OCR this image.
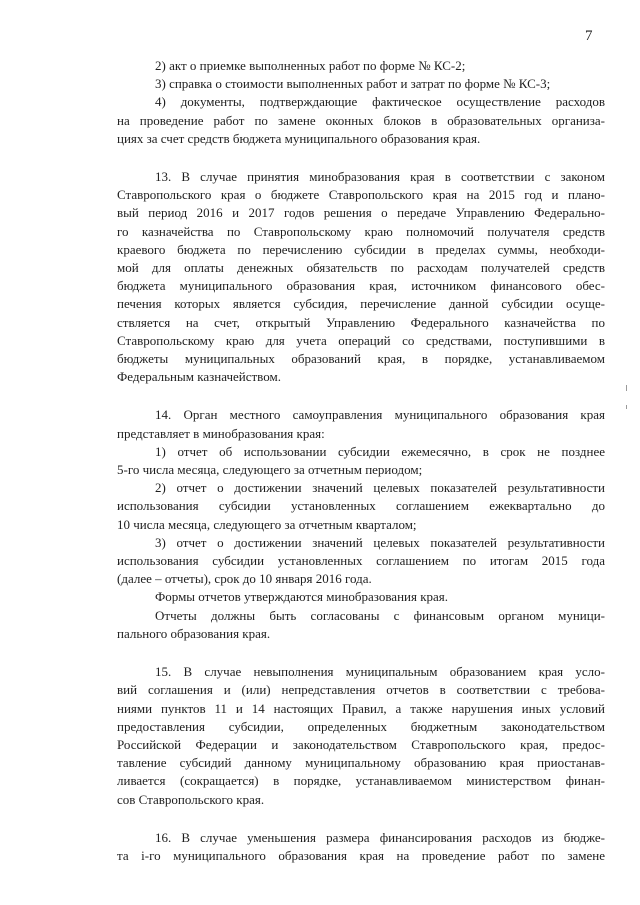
7
2) акт о приемке выполненных работ по форме № КС-2;
3) справка о стоимости выполненных работ и затрат по форме № КС-3;
4) документы, подтверждающие фактическое осуществление расходов
на проведение работ по замене оконных блоков в образовательных организа-
циях за счет средств бюджета муниципального образования края.
13. В случае принятия минобразования края в соответствии с законом
Ставропольского края о бюджете Ставропольского края на 2015 год и плано-
вый период 2016 и 2017 годов решения о передаче Управлению Федерально-
го казначейства по Ставропольскому краю полномочий получателя средств
краевого бюджета по перечислению субсидии в пределах суммы, необходи-
мой для оплаты денежных обязательств по расходам получателей средств
бюджета муниципального образования края, источником финансового обес-
печения которых является субсидия, перечисление данной субсидии осуще-
ствляется на счет, открытый Управлению Федерального казначейства по
Ставропольскому краю для учета операций со средствами, поступившими в
бюджеты муниципальных образований края, в порядке, устанавливаемом
Федеральным казначейством.
14. Орган местного самоуправления муниципального образования края
представляет в минобразования края:
1) отчет об использовании субсидии ежемесячно, в срок не позднее
5-го числа месяца, следующего за отчетным периодом;
2) отчет о достижении значений целевых показателей результативности
использования субсидии установленных соглашением ежеквартально до
10 числа месяца, следующего за отчетным кварталом;
3) отчет о достижении значений целевых показателей результативности
использования субсидии установленных соглашением по итогам 2015 года
(далее – отчеты), срок до 10 января 2016 года.
Формы отчетов утверждаются минобразования края.
Отчеты должны быть согласованы с финансовым органом муници-
пального образования края.
15. В случае невыполнения муниципальным образованием края усло-
вий соглашения и (или) непредставления отчетов в соответствии с требова-
ниями пунктов 11 и 14 настоящих Правил, а также нарушения иных условий
предоставления субсидии, определенных бюджетным законодательством
Российской Федерации и законодательством Ставропольского края, предос-
тавление субсидий данному муниципальному образованию края приостанав-
ливается (сокращается) в порядке, устанавливаемом министерством финан-
сов Ставропольского края.
16. В случае уменьшения размера финансирования расходов из бюдже-
та i-го муниципального образования края на проведение работ по замене
